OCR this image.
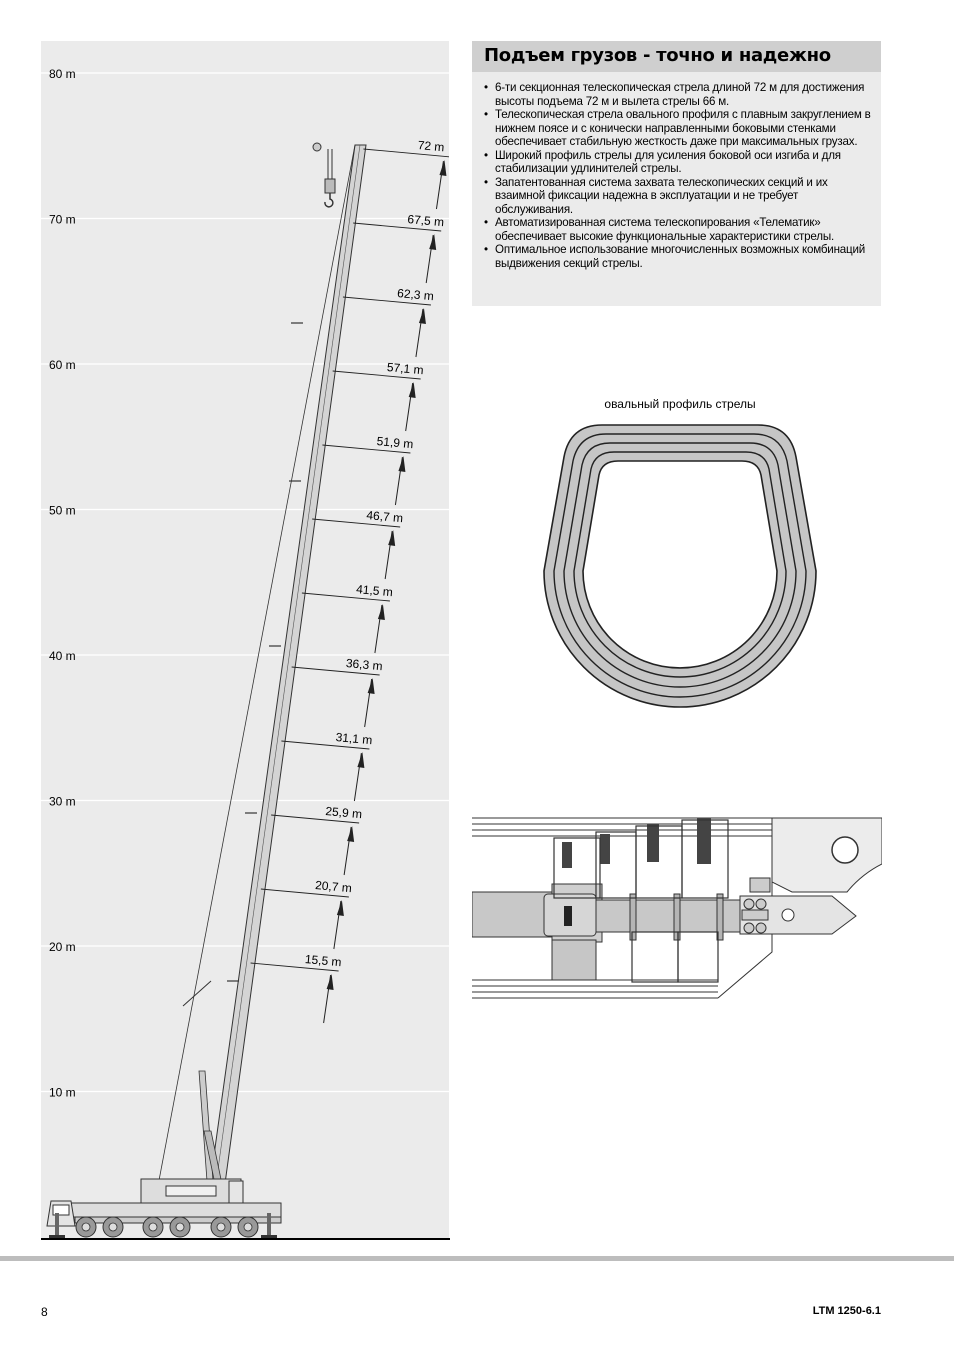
80 m
70 m
60 m
50 m
40 m
30 m
20 m
10 m
72 m
67,5 m
62,3 m
57,1 m
51,9 m
46,7 m
41,5 m
36,3 m
31,1 m
25,9 m
20,7 m
15,5 m
Подъем грузов - точно и надежно
• 6-ти секционная телескопическая стрела длиной 72 м для достижения высоты подъема 72 м и вылета стрелы 66 м.
• Телескопическая стрела овального профиля с плавным закруглением в нижнем поясе и с конически направленными боковыми стенками обеспечивает стабильную жесткость даже при максимальных грузах.
• Широкий профиль стрелы для усиления боковой оси изгиба и для стабилизации удлинителей стрелы.
• Запатентованная система захвата телескопических секций и их взаимной фиксации надежна в эксплуатации и не требует обслуживания.
• Автоматизированная система телескопирования «Телематик» обеспечивает высокие функциональные характеристики стрелы.
• Оптимальное использование многочисленных возможных комбинаций выдвижения секций стрелы.
овальный профиль стрелы
8	LTM 1250-6.1
